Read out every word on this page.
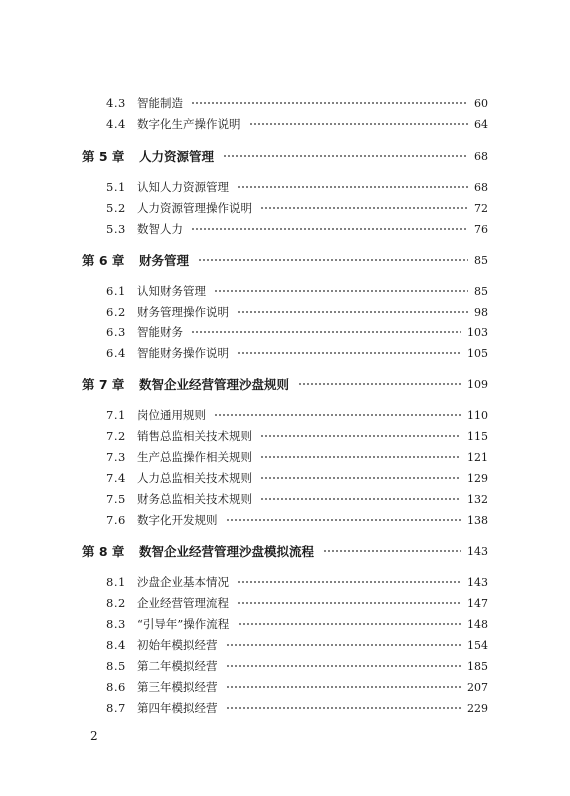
4.3 智能制造	60
4.4 数字化生产操作说明	64
第 5 章 人力资源管理	68
5.1 认知人力资源管理	68
5.2 人力资源管理操作说明	72
5.3 数智人力	76
第 6 章 财务管理	85
6.1 认知财务管理	85
6.2 财务管理操作说明	98
6.3 智能财务	103
6.4 智能财务操作说明	105
第 7 章 数智企业经营管理沙盘规则	109
7.1 岗位通用规则	110
7.2 销售总监相关技术规则	115
7.3 生产总监操作相关规则	121
7.4 人力总监相关技术规则	129
7.5 财务总监相关技术规则	132
7.6 数字化开发规则	138
第 8 章 数智企业经营管理沙盘模拟流程	143
8.1 沙盘企业基本情况	143
8.2 企业经营管理流程	147
8.3 “引导年”操作流程	148
8.4 初始年模拟经营	154
8.5 第二年模拟经营	185
8.6 第三年模拟经营	207
8.7 第四年模拟经营	229
2
